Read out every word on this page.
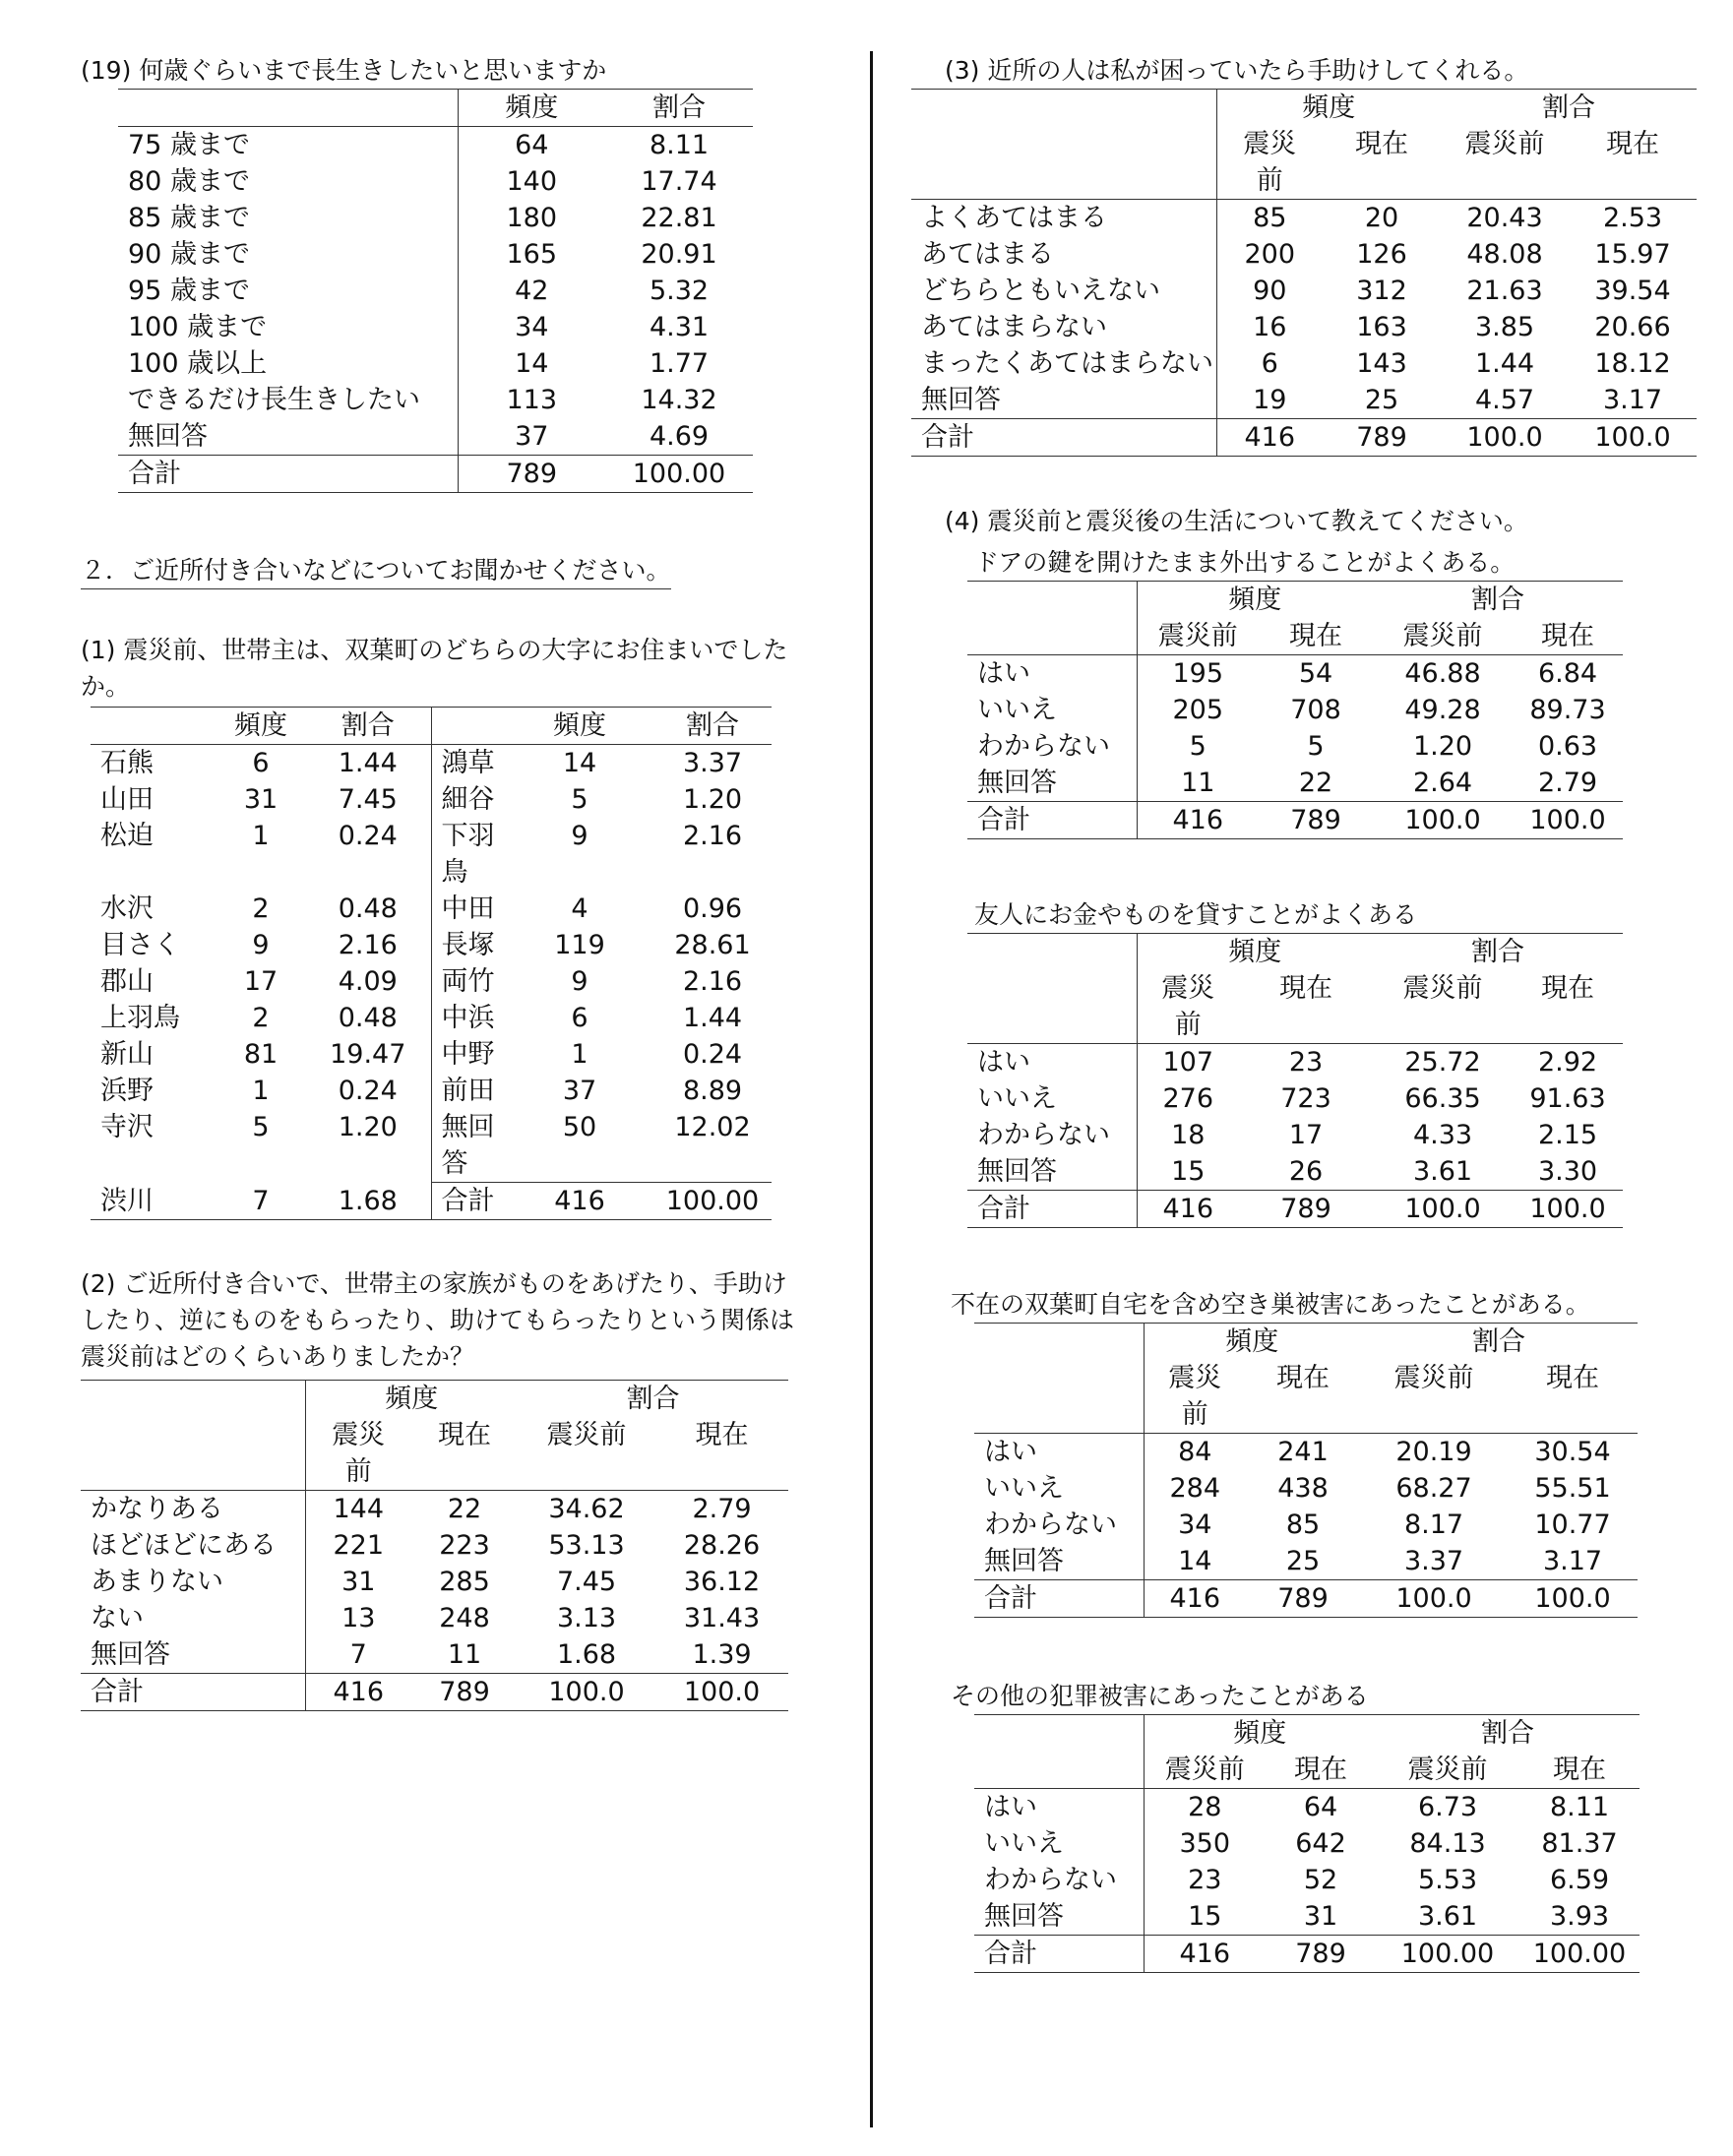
(19) 何歳ぐらいまで長生きしたいと思いますか
	頻度	割合
75 歳まで	64	8.11
80 歳まで	140	17.74
85 歳まで	180	22.81
90 歳まで	165	20.91
95 歳まで	42	5.32
100 歳まで	34	4.31
100 歳以上	14	1.77
できるだけ長生きしたい	113	14.32
無回答	37	4.69
合計	789	100.00
２．ご近所付き合いなどについてお聞かせください。
(1) 震災前、世帯主は、双葉町のどちらの大字にお住まいでしたか。
	頻度	割合		頻度	割合
石熊	6	1.44	鴻草	14	3.37
山田	31	7.45	細谷	5	1.20
松迫	1	0.24	下羽鳥	9	2.16
水沢	2	0.48	中田	4	0.96
目さく	9	2.16	長塚	119	28.61
郡山	17	4.09	両竹	9	2.16
上羽鳥	2	0.48	中浜	6	1.44
新山	81	19.47	中野	1	0.24
浜野	1	0.24	前田	37	8.89
寺沢	5	1.20	無回答	50	12.02
渋川	7	1.68	合計	416	100.00
(2) ご近所付き合いで、世帯主の家族がものをあげたり、手助けしたり、逆にものをもらったり、助けてもらったりという関係は震災前はどのくらいありましたか？
	頻度		割合	

	震災前	現在	震災前	現在
かなりある	144	22	34.62	2.79
ほどほどにある	221	223	53.13	28.26
あまりない	31	285	7.45	36.12
ない	13	248	3.13	31.43
無回答	7	11	1.68	1.39
合計	416	789	100.0	100.0
(3) 近所の人は私が困っていたら手助けしてくれる。
	頻度		割合	

	震災前	現在	震災前	現在
よくあてはまる	85	20	20.43	2.53
あてはまる	200	126	48.08	15.97
どちらともいえない	90	312	21.63	39.54
あてはまらない	16	163	3.85	20.66
まったくあてはまらない	6	143	1.44	18.12
無回答	19	25	4.57	3.17
合計	416	789	100.0	100.0
(4) 震災前と震災後の生活について教えてください。
ドアの鍵を開けたまま外出することがよくある。
	頻度		割合	
	震災前	現在	震災前	現在
はい	195	54	46.88	6.84
いいえ	205	708	49.28	89.73
わからない	5	5	1.20	0.63
無回答	11	22	2.64	2.79
合計	416	789	100.0	100.0
友人にお金やものを貸すことがよくある
	頻度		割合	

	震災前	現在	震災前	現在
はい	107	23	25.72	2.92
いいえ	276	723	66.35	91.63
わからない	18	17	4.33	2.15
無回答	15	26	3.61	3.30
合計	416	789	100.0	100.0
不在の双葉町自宅を含め空き巣被害にあったことがある。
	頻度		割合	

	震災前	現在	震災前	現在
はい	84	241	20.19	30.54
いいえ	284	438	68.27	55.51
わからない	34	85	8.17	10.77
無回答	14	25	3.37	3.17
合計	416	789	100.0	100.0
その他の犯罪被害にあったことがある
	頻度		割合	
	震災前	現在	震災前	現在
はい	28	64	6.73	8.11
いいえ	350	642	84.13	81.37
わからない	23	52	5.53	6.59
無回答	15	31	3.61	3.93
合計	416	789	100.00	100.00
